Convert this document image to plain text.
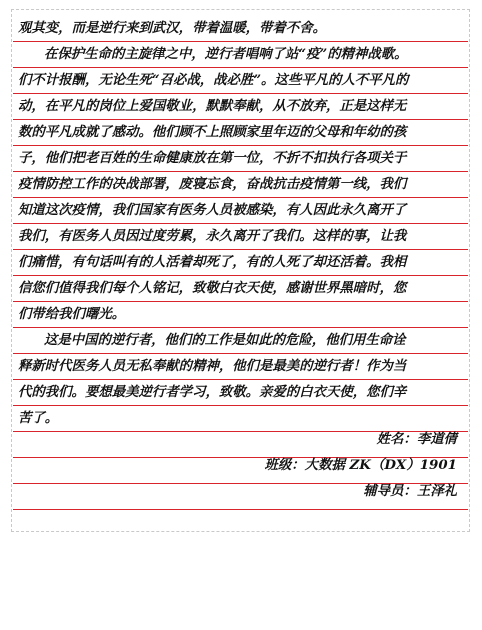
观其变，而是逆行来到武汉，带着温暖，带着不舍。
在保护生命的主旋律之中，逆行者唱响了站“疫”的精神战歌。
们不计报酬，无论生死“召必战，战必胜”。这些平凡的人不平凡的
动，在平凡的岗位上爱国敬业，默默奉献，从不放弃，正是这样无
数的平凡成就了感动。他们顾不上照顾家里年迈的父母和年幼的孩
子，他们把老百姓的生命健康放在第一位，不折不扣执行各项关于
疫情防控工作的决战部署，废寝忘食，奋战抗击疫情第一线，我们
知道这次疫情，我们国家有医务人员被感染，有人因此永久离开了
我们，有医务人员因过度劳累，永久离开了我们。这样的事，让我
们痛惜，有句话叫有的人活着却死了，有的人死了却还活着。我相
信您们值得我们每个人铭记，致敬白衣天使，感谢世界黑暗时，您
们带给我们曙光。
这是中国的逆行者，他们的工作是如此的危险，他们用生命诠
释新时代医务人员无私奉献的精神，他们是最美的逆行者！作为当
代的我们。要想最美逆行者学习，致敬。亲爱的白衣天使，您们辛
苦了。
姓名：李道倩
班级：大数据 ZK（DX）1901
辅导员：王泽礼
